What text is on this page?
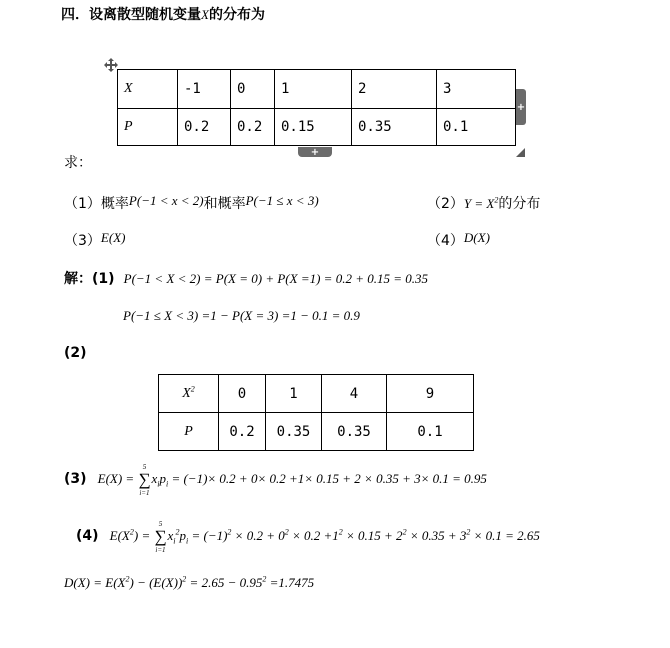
四．设离散型随机变量X的分布为
X	-1	0	1	2	3
P	0.2	0.2	0.15	0.35	0.1
+
+
求：
（1）概率P(−1 < x < 2)和概率P(−1 ≤ x < 3)	$(2)Y = X^2$的分布
（3）E(X)	（4）D(X)
解：(1) P(−1 < X < 2) = P(X = 0) + P(X =1) = 0.2 + 0.15 = 0.35
P(−1 ≤ X < 3) =1 − P(X = 3) =1 − 0.1 = 0.9
(2)
$X^2$	0	1	4	9
P	0.2	0.35	0.35	0.1
(3) E(X) =
5
∑
i=1
$x_ip_i = (-1)\times 0.2 + 0\times 0.2 +1\times 0.15 + 2 \times 0.35 + 3\times 0.1 = 0.95$
(4) $E(X^2)$ =
5
∑
i=1
$x_i^2p_i = (-1)^2 \times 0.2 + 0^2 \times 0.2 +1^2 \times 0.15 + 2^2 \times 0.35 + 3^2 \times 0.1 = 2.65$
$D(X) = E(X^2) - (E(X))^2 = 2.65 - 0.95^2 =1.7475$
